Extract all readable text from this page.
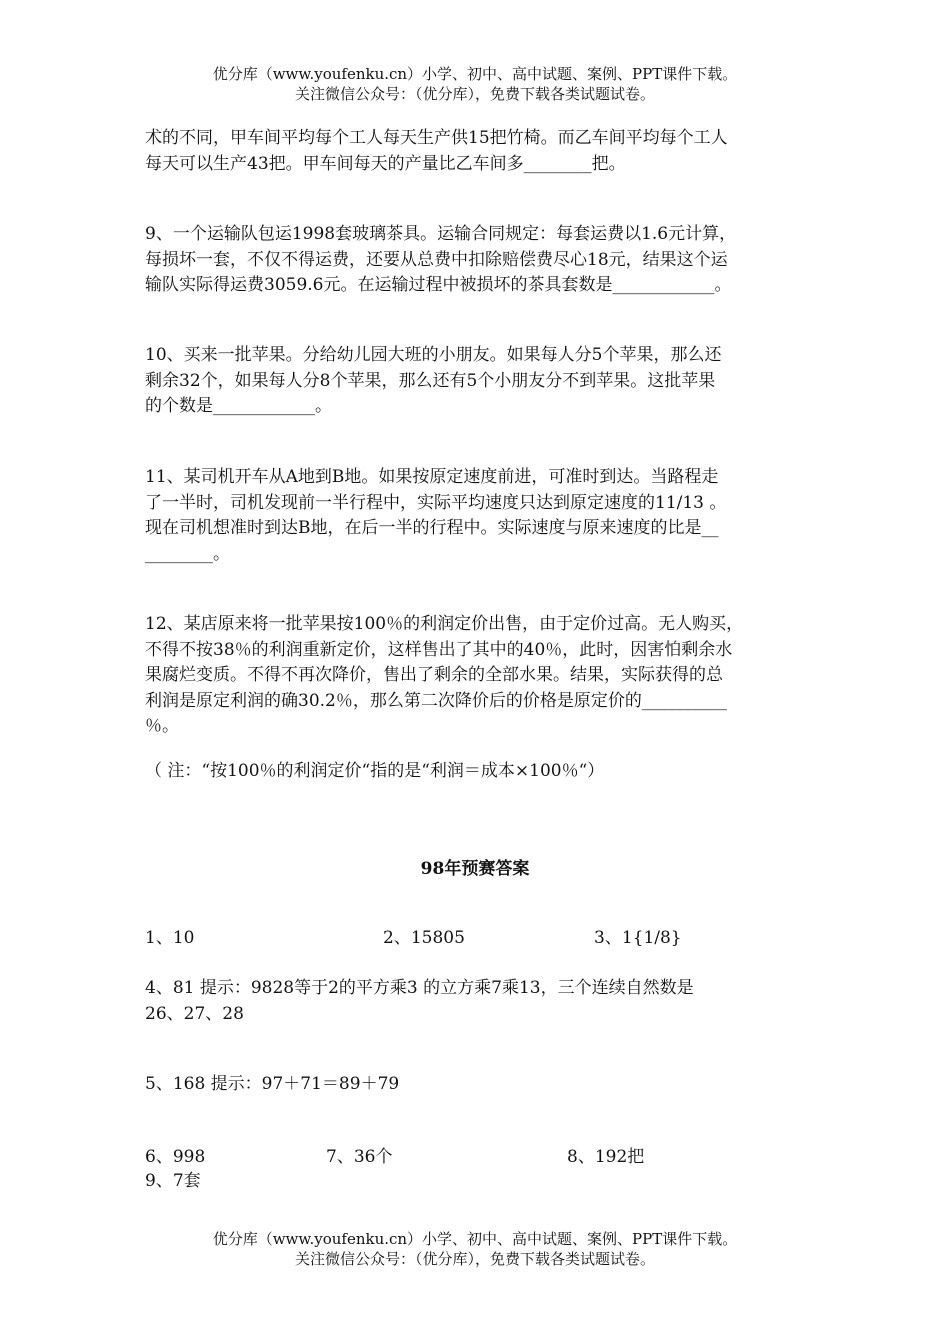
优分库（www.youfenku.cn）小学、初中、高中试题、案例、PPT课件下载。
关注微信公众号：（优分库），免费下载各类试题试卷。

术的不同，甲车间平均每个工人每天生产供15把竹椅。而乙车间平均每个工人

每天可以生产43把。甲车间每天的产量比乙车间多________把。

9、一个运输队包运1998套玻璃茶具。运输合同规定：每套运费以1.6元计算，

每损坏一套，不仅不得运费，还要从总费中扣除赔偿费尽心18元，结果这个运

输队实际得运费3059.6元。在运输过程中被损坏的茶具套数是____________。

10、买来一批苹果。分给幼儿园大班的小朋友。如果每人分5个苹果，那么还

剩余32个，如果每人分8个苹果，那么还有5个小朋友分不到苹果。这批苹果

的个数是____________。

11、某司机开车从A地到B地。如果按原定速度前进，可准时到达。当路程走

了一半时，司机发现前一半行程中，实际平均速度只达到原定速度的11/13 。

现在司机想准时到达B地，在后一半的行程中。实际速度与原来速度的比是__

________。

12、某店原来将一批苹果按100％的利润定价出售，由于定价过高。无人购买，

不得不按38％的利润重新定价，这样售出了其中的40％，此时，因害怕剩余水

果腐烂变质。不得不再次降价，售出了剩余的全部水果。结果，实际获得的总

利润是原定利润的确30.2％，那么第二次降价后的价格是原定价的__________

％。

（ 注：“按100％的利润定价“指的是“利润＝成本×100％“）

98年预赛答案
1、10	2、15805	3、1{1/8}

4、81 提示：9828等于2的平方乘3 的立方乘7乘13，三个连续自然数是

26、27、28

5、168 提示：97＋71＝89＋79
6、998	7、36个	8、192把
9、7套
优分库（www.youfenku.cn）小学、初中、高中试题、案例、PPT课件下载。
关注微信公众号：（优分库），免费下载各类试题试卷。
